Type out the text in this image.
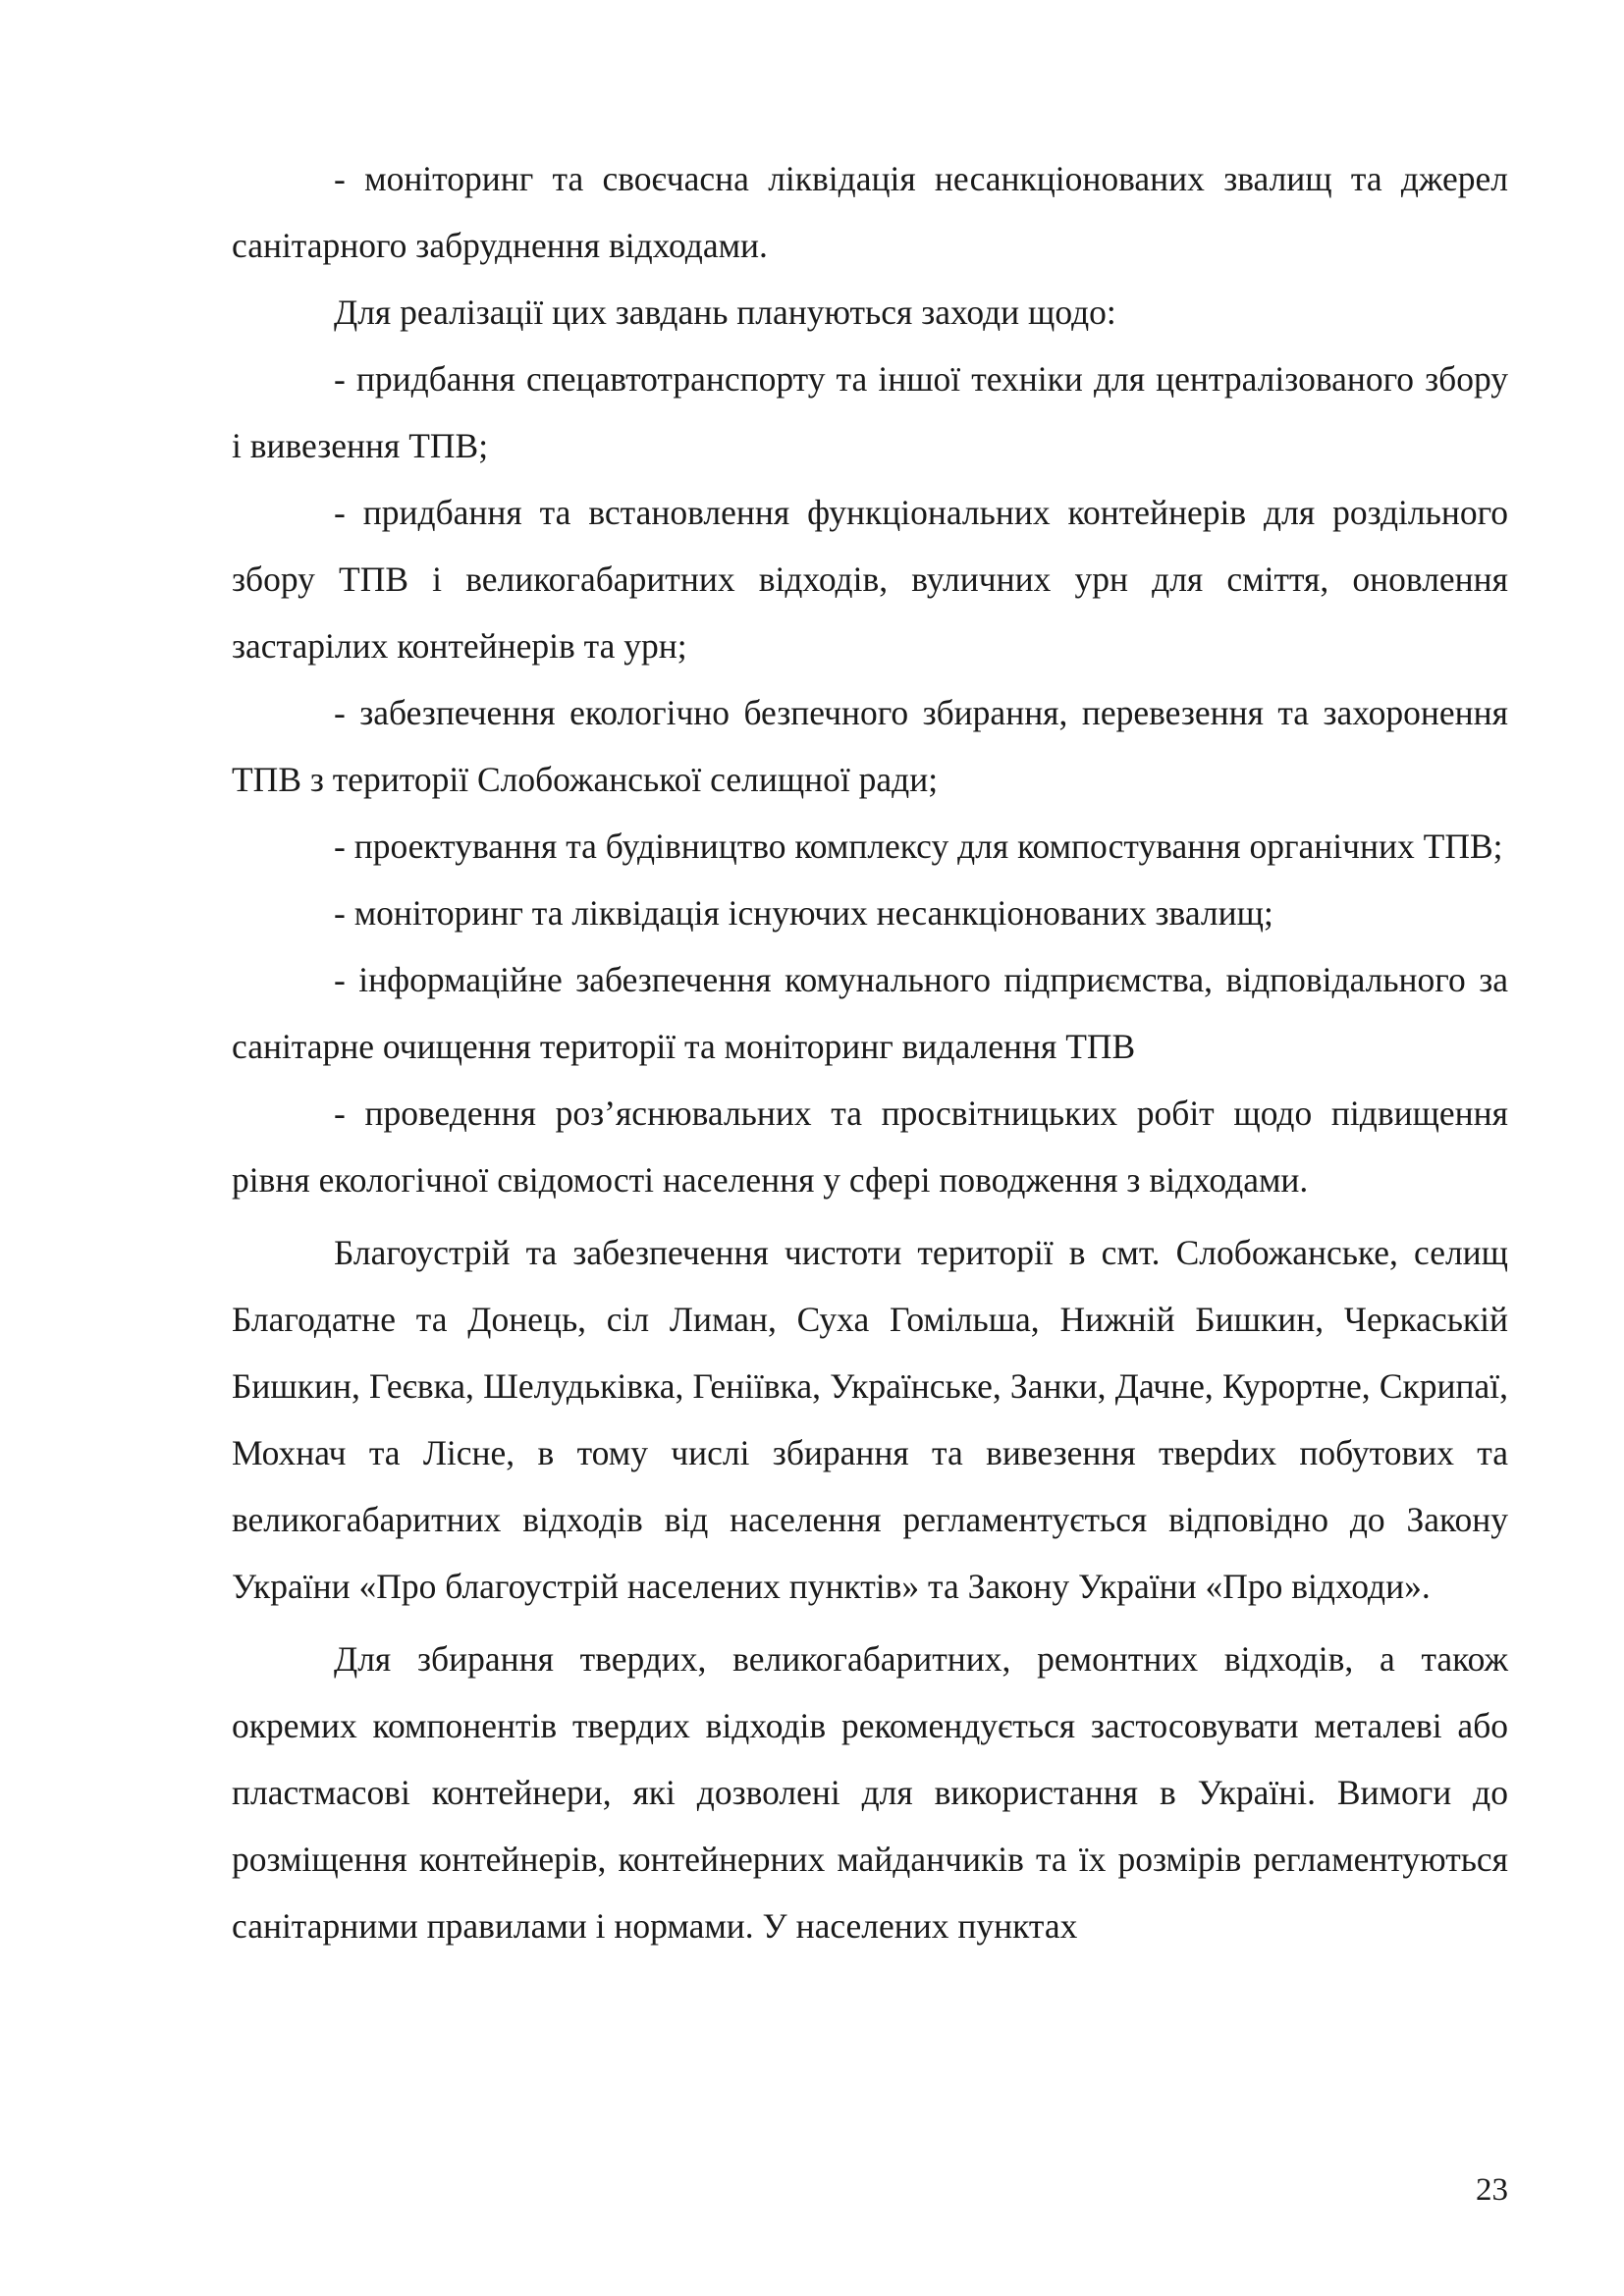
- моніторинг та своєчасна ліквідація несанкціонованих звалищ та джерел санітарного забруднення відходами.

Для реалізації цих завдань плануються заходи щодо:

- придбання спецавтотранспорту та іншої техніки для централізованого збору і вивезення ТПВ;

- придбання та встановлення функціональних контейнерів для роздільного збору ТПВ і великогабаритних відходів, вуличних урн для сміття, оновлення застарілих контейнерів та урн;

- забезпечення екологічно безпечного збирання, перевезення та захоронення ТПВ з території Слобожанської селищної ради;

- проектування та будівництво комплексу для компостування органічних ТПВ;

- моніторинг та ліквідація існуючих несанкціонованих звалищ;

- інформаційне забезпечення комунального підприємства, відповідального за санітарне очищення території та моніторинг видалення ТПВ

- проведення роз’яснювальних та просвітницьких робіт щодо підвищення рівня екологічної свідомості населення у сфері поводження з відходами.

Благоустрій та забезпечення чистоти території в смт. Слобожанське, селищ Благодатне та Донець, сіл Лиман, Суха Гомільша, Нижній Бишкин, Черкаській Бишкин, Геєвка, Шелудьківка, Геніївка, Українське, Занки, Дачне, Курортне, Скрипаї, Мохнач та Лісне, в тому числі збирання та вивезення тверdих побутових та великогабаритних відходів від населення регламентується відповідно до Закону України «Про благоустрій населених пунктів» та Закону України «Про відходи».

Для збирання твердих, великогабаритних, ремонтних відходів, а також окремих компонентів твердих відходів рекомендується застосовувати металеві або пластмасові контейнери, які дозволені для використання в Україні. Вимоги до розміщення контейнерів, контейнерних майданчиків та їх розмірів регламентуються санітарними правилами і нормами. У населених пунктах

23
